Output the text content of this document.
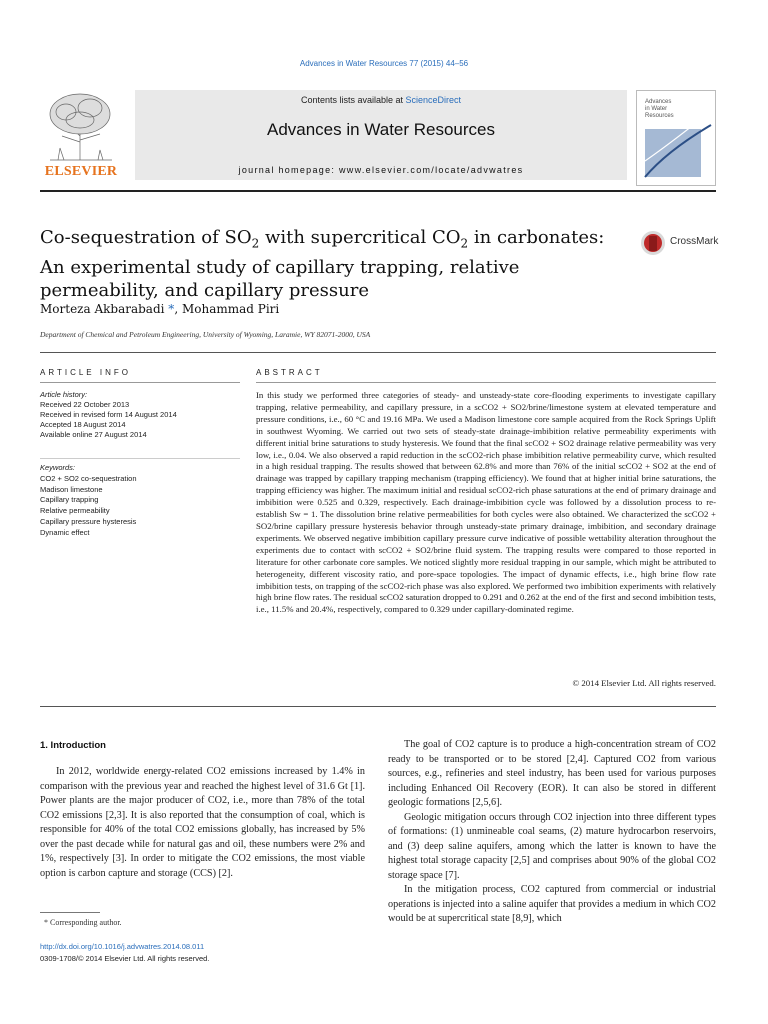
Advances in Water Resources 77 (2015) 44–56
ELSEVIER
Contents lists available at ScienceDirect
Advances in Water Resources
journal homepage: www.elsevier.com/locate/advwatres
Advances
in Water
Resources
Co-sequestration of $SO_2$ with supercritical $CO_2$ in carbonates: An experimental study of capillary trapping, relative permeability, and capillary pressure
CrossMark
Morteza Akbarabadi *, Mohammad Piri
Department of Chemical and Petroleum Engineering, University of Wyoming, Laramie, WY 82071-2000, USA
ARTICLE INFO	ABSTRACT
Article history:
Received 22 October 2013
Received in revised form 14 August 2014
Accepted 18 August 2014
Available online 27 August 2014
Keywords:
CO2 + SO2 co-sequestration
Madison limestone
Capillary trapping
Relative permeability
Capillary pressure hysteresis
Dynamic effect
In this study we performed three categories of steady- and unsteady-state core-flooding experiments to investigate capillary trapping, relative permeability, and capillary pressure, in a scCO2 + SO2/brine/limestone system at elevated temperature and pressure conditions, i.e., 60 °C and 19.16 MPa. We used a Madison limestone core sample acquired from the Rock Springs Uplift in southwest Wyoming. We carried out two sets of steady-state drainage-imbibition relative permeability experiments with different initial brine saturations to study hysteresis. We found that the final scCO2 + SO2 drainage relative permeability was very low, i.e., 0.04. We also observed a rapid reduction in the scCO2-rich phase imbibition relative permeability curve, which resulted in a high residual trapping. The results showed that between 62.8% and more than 76% of the initial scCO2 + SO2 at the end of drainage was trapped by capillary trapping mechanism (trapping efficiency). We found that at higher initial brine saturations, the trapping efficiency was higher. The maximum initial and residual scCO2-rich phase saturations at the end of primary drainage and imbibition were 0.525 and 0.329, respectively. Each drainage-imbibition cycle was followed by a dissolution process to re-establish Sw = 1. The dissolution brine relative permeabilities for both cycles were also obtained. We characterized the scCO2 + SO2/brine capillary pressure hysteresis behavior through unsteady-state primary drainage, imbibition, and secondary drainage experiments. We observed negative imbibition capillary pressure curve indicative of possible wettability alteration throughout the experiments due to contact with scCO2 + SO2/brine fluid system. The trapping results were compared to those reported in literature for other carbonate core samples. We noticed slightly more residual trapping in our sample, which might be attributed to heterogeneity, different viscosity ratio, and pore-space topologies. The impact of dynamic effects, i.e., high brine flow rate imbibition tests, on trapping of the scCO2-rich phase was also explored. We performed two imbibition experiments with relatively high brine flow rates. The residual scCO2 saturation dropped to 0.291 and 0.262 at the end of the first and second imbibition tests, i.e., 11.5% and 20.4%, respectively, compared to 0.329 under capillary-dominated regime.
© 2014 Elsevier Ltd. All rights reserved.
1. Introduction

In 2012, worldwide energy-related CO2 emissions increased by 1.4% in comparison with the previous year and reached the highest level of 31.6 Gt [1]. Power plants are the major producer of CO2, i.e., more than 78% of the total CO2 emissions [2,3]. It is also reported that the consumption of coal, which is responsible for 40% of the total CO2 emissions globally, has increased by 5% over the past decade while for natural gas and oil, these numbers were 2% and 1%, respectively [3]. In order to mitigate the CO2 emissions, the most viable option is carbon capture and storage (CCS) [2].

The goal of CO2 capture is to produce a high-concentration stream of CO2 ready to be transported or to be stored [2,4]. Captured CO2 from various sources, e.g., refineries and steel industry, has been used for various purposes including Enhanced Oil Recovery (EOR). It can also be stored in different geologic formations [2,5,6].

Geologic mitigation occurs through CO2 injection into three different types of formations: (1) unmineable coal seams, (2) mature hydrocarbon reservoirs, and (3) deep saline aquifers, among which the latter is known to have the highest total storage capacity [2,5] and comprises about 90% of the global CO2 storage space [7].

In the mitigation process, CO2 captured from commercial or industrial operations is injected into a saline aquifer that provides a medium in which CO2 would be at supercritical state [8,9], which

* Corresponding author.
http://dx.doi.org/10.1016/j.advwatres.2014.08.011
0309-1708/© 2014 Elsevier Ltd. All rights reserved.
